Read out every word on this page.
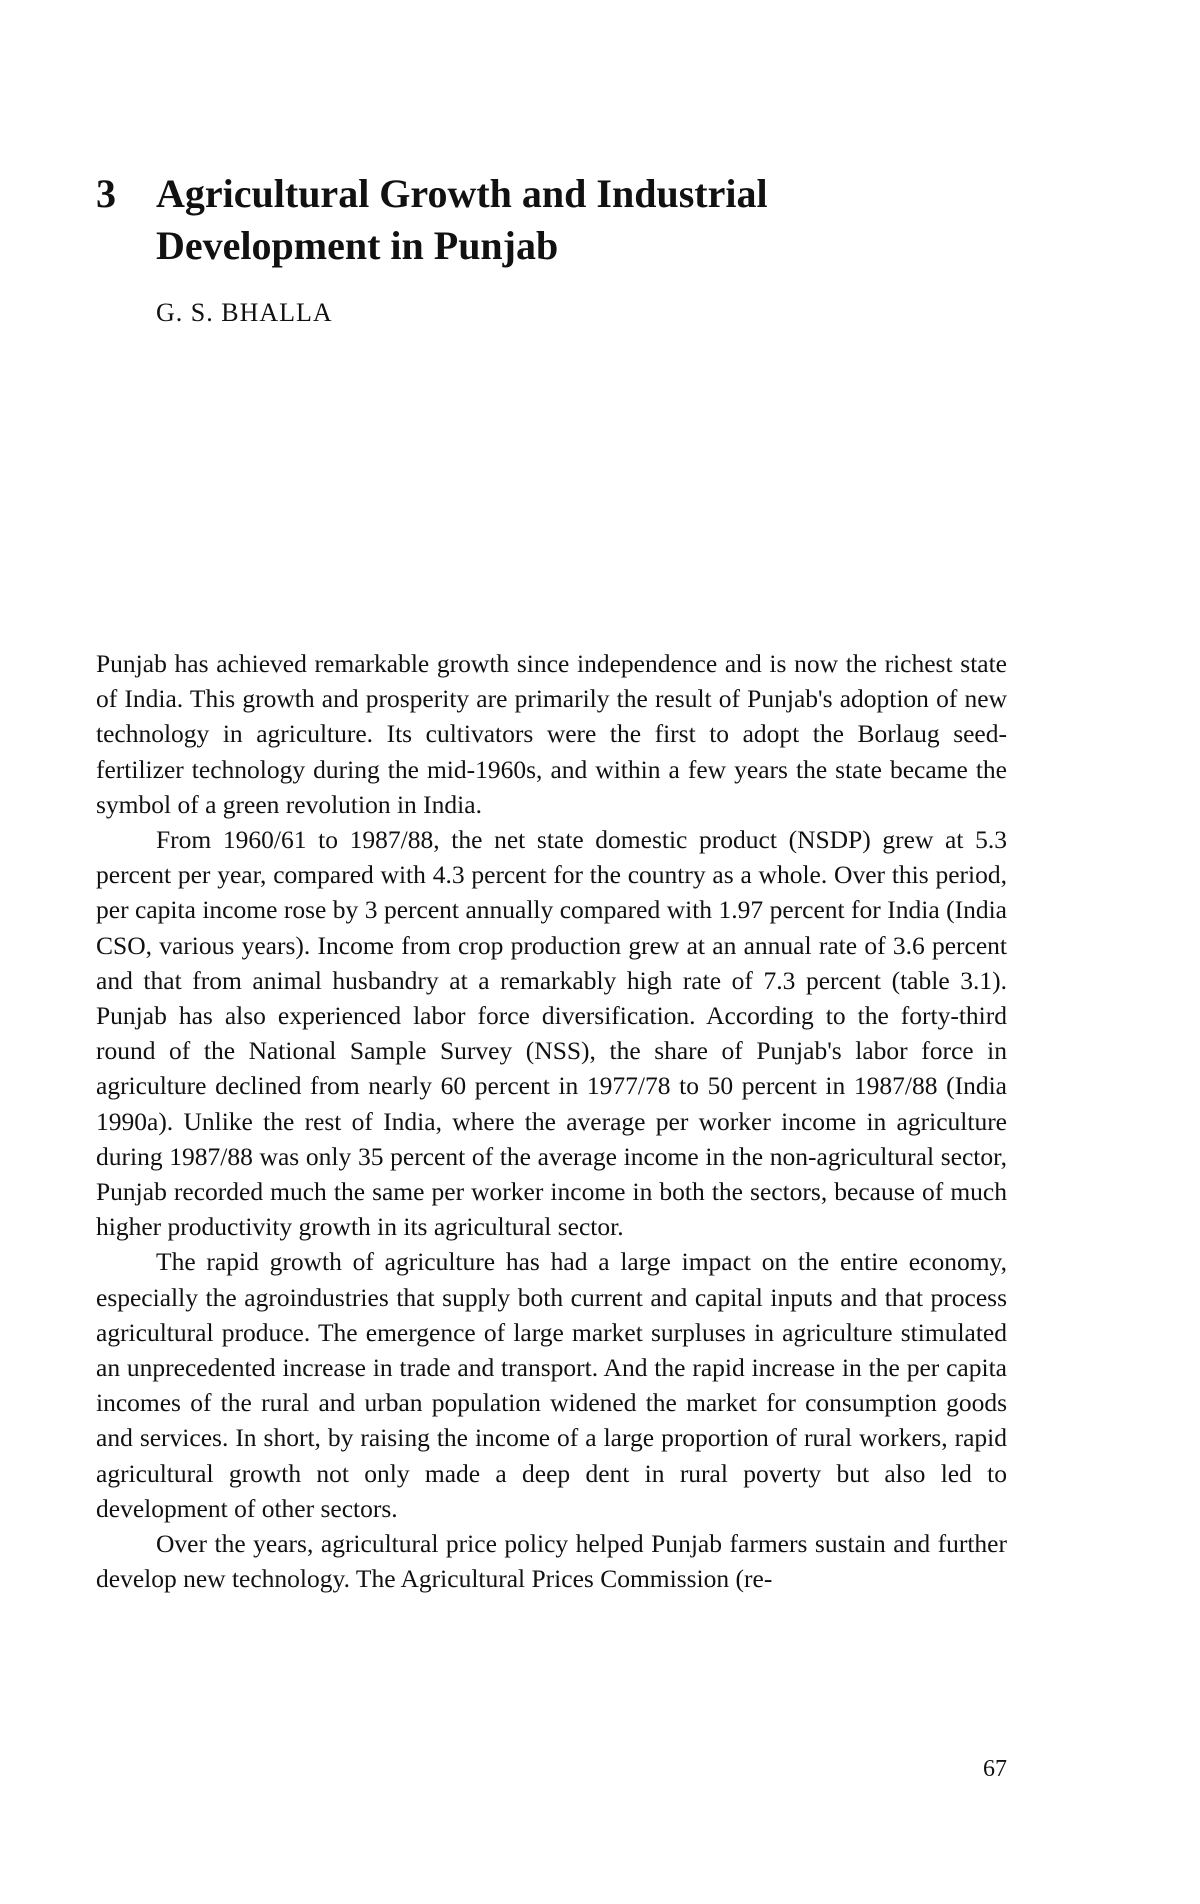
3 Agricultural Growth and Industrial Development in Punjab
G. S. BHALLA

Punjab has achieved remarkable growth since independence and is now the richest state of India. This growth and prosperity are primarily the result of Punjab's adoption of new technology in agriculture. Its cultivators were the first to adopt the Borlaug seed-fertilizer technology during the mid-1960s, and within a few years the state became the symbol of a green revolution in India.

From 1960/61 to 1987/88, the net state domestic product (NSDP) grew at 5.3 percent per year, compared with 4.3 percent for the country as a whole. Over this period, per capita income rose by 3 percent annually compared with 1.97 percent for India (India CSO, various years). Income from crop production grew at an annual rate of 3.6 percent and that from animal husbandry at a remarkably high rate of 7.3 percent (table 3.1). Punjab has also experienced labor force diversification. According to the forty-third round of the National Sample Survey (NSS), the share of Punjab's labor force in agriculture declined from nearly 60 percent in 1977/78 to 50 percent in 1987/88 (India 1990a). Unlike the rest of India, where the average per worker income in agriculture during 1987/88 was only 35 percent of the average income in the non-agricultural sector, Punjab recorded much the same per worker income in both the sectors, because of much higher productivity growth in its agricultural sector.

The rapid growth of agriculture has had a large impact on the entire economy, especially the agroindustries that supply both current and capital inputs and that process agricultural produce. The emergence of large market surpluses in agriculture stimulated an unprecedented increase in trade and transport. And the rapid increase in the per capita incomes of the rural and urban population widened the market for consumption goods and services. In short, by raising the income of a large proportion of rural workers, rapid agricultural growth not only made a deep dent in rural poverty but also led to development of other sectors.

Over the years, agricultural price policy helped Punjab farmers sustain and further develop new technology. The Agricultural Prices Commission (re-

67
